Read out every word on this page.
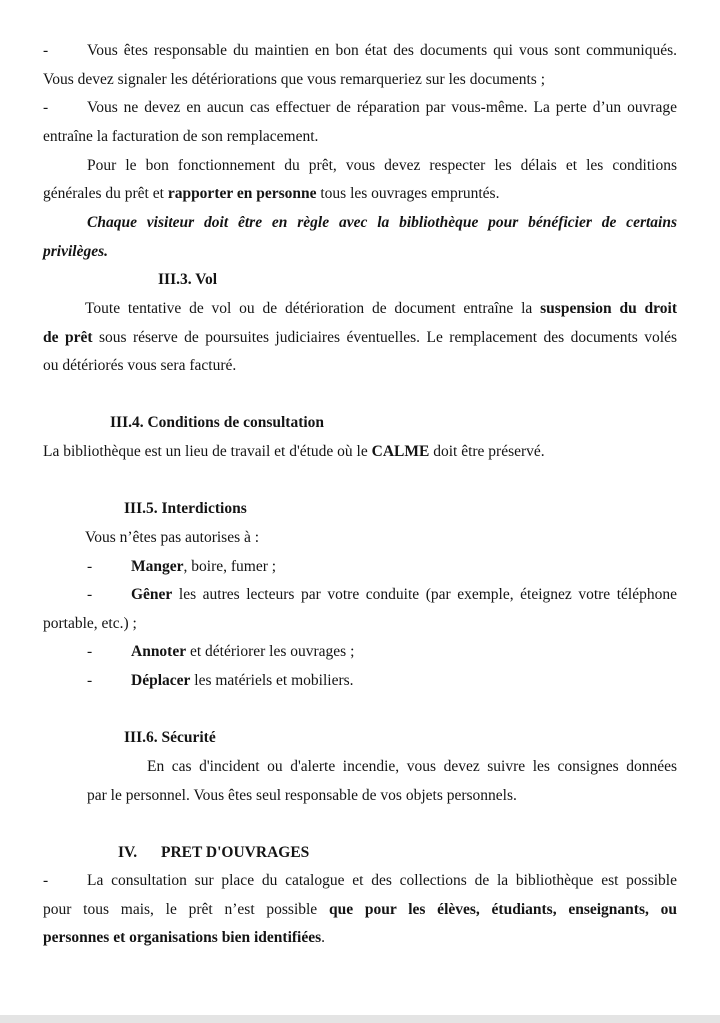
-	Vous êtes responsable du maintien en bon état des documents qui vous sont communiqués.
Vous devez signaler les détériorations que vous remarqueriez sur les documents ;
-	Vous ne devez en aucun cas effectuer de réparation par vous-même. La perte d’un ouvrage
entraîne la facturation de son remplacement.
Pour le bon fonctionnement du prêt, vous devez respecter les délais et les conditions
générales du prêt et rapporter en personne tous les ouvrages empruntés.
Chaque visiteur doit être en règle avec la bibliothèque pour bénéficier de certains
privilèges.
III.3. Vol
Toute tentative de vol ou de détérioration de document entraîne la suspension du droit
de prêt sous réserve de poursuites judiciaires éventuelles. Le remplacement des documents volés
ou détériorés vous sera facturé.
III.4. Conditions de consultation
La bibliothèque est un lieu de travail et d'étude où le CALME doit être préservé.
III.5. Interdictions
Vous n’êtes pas autorises à :
-	Manger, boire, fumer ;
-	Gêner les autres lecteurs par votre conduite (par exemple, éteignez votre téléphone
portable, etc.) ;
-	Annoter et détériorer les ouvrages ;
-	Déplacer les matériels et mobiliers.
III.6. Sécurité
En cas d'incident ou d'alerte incendie, vous devez suivre les consignes données
par le personnel. Vous êtes seul responsable de vos objets personnels.
IV. PRET D'OUVRAGES
-	La consultation sur place du catalogue et des collections de la bibliothèque est possible
pour tous mais, le prêt n’est possible que pour les élèves, étudiants, enseignants, ou
personnes et organisations bien identifiées.
